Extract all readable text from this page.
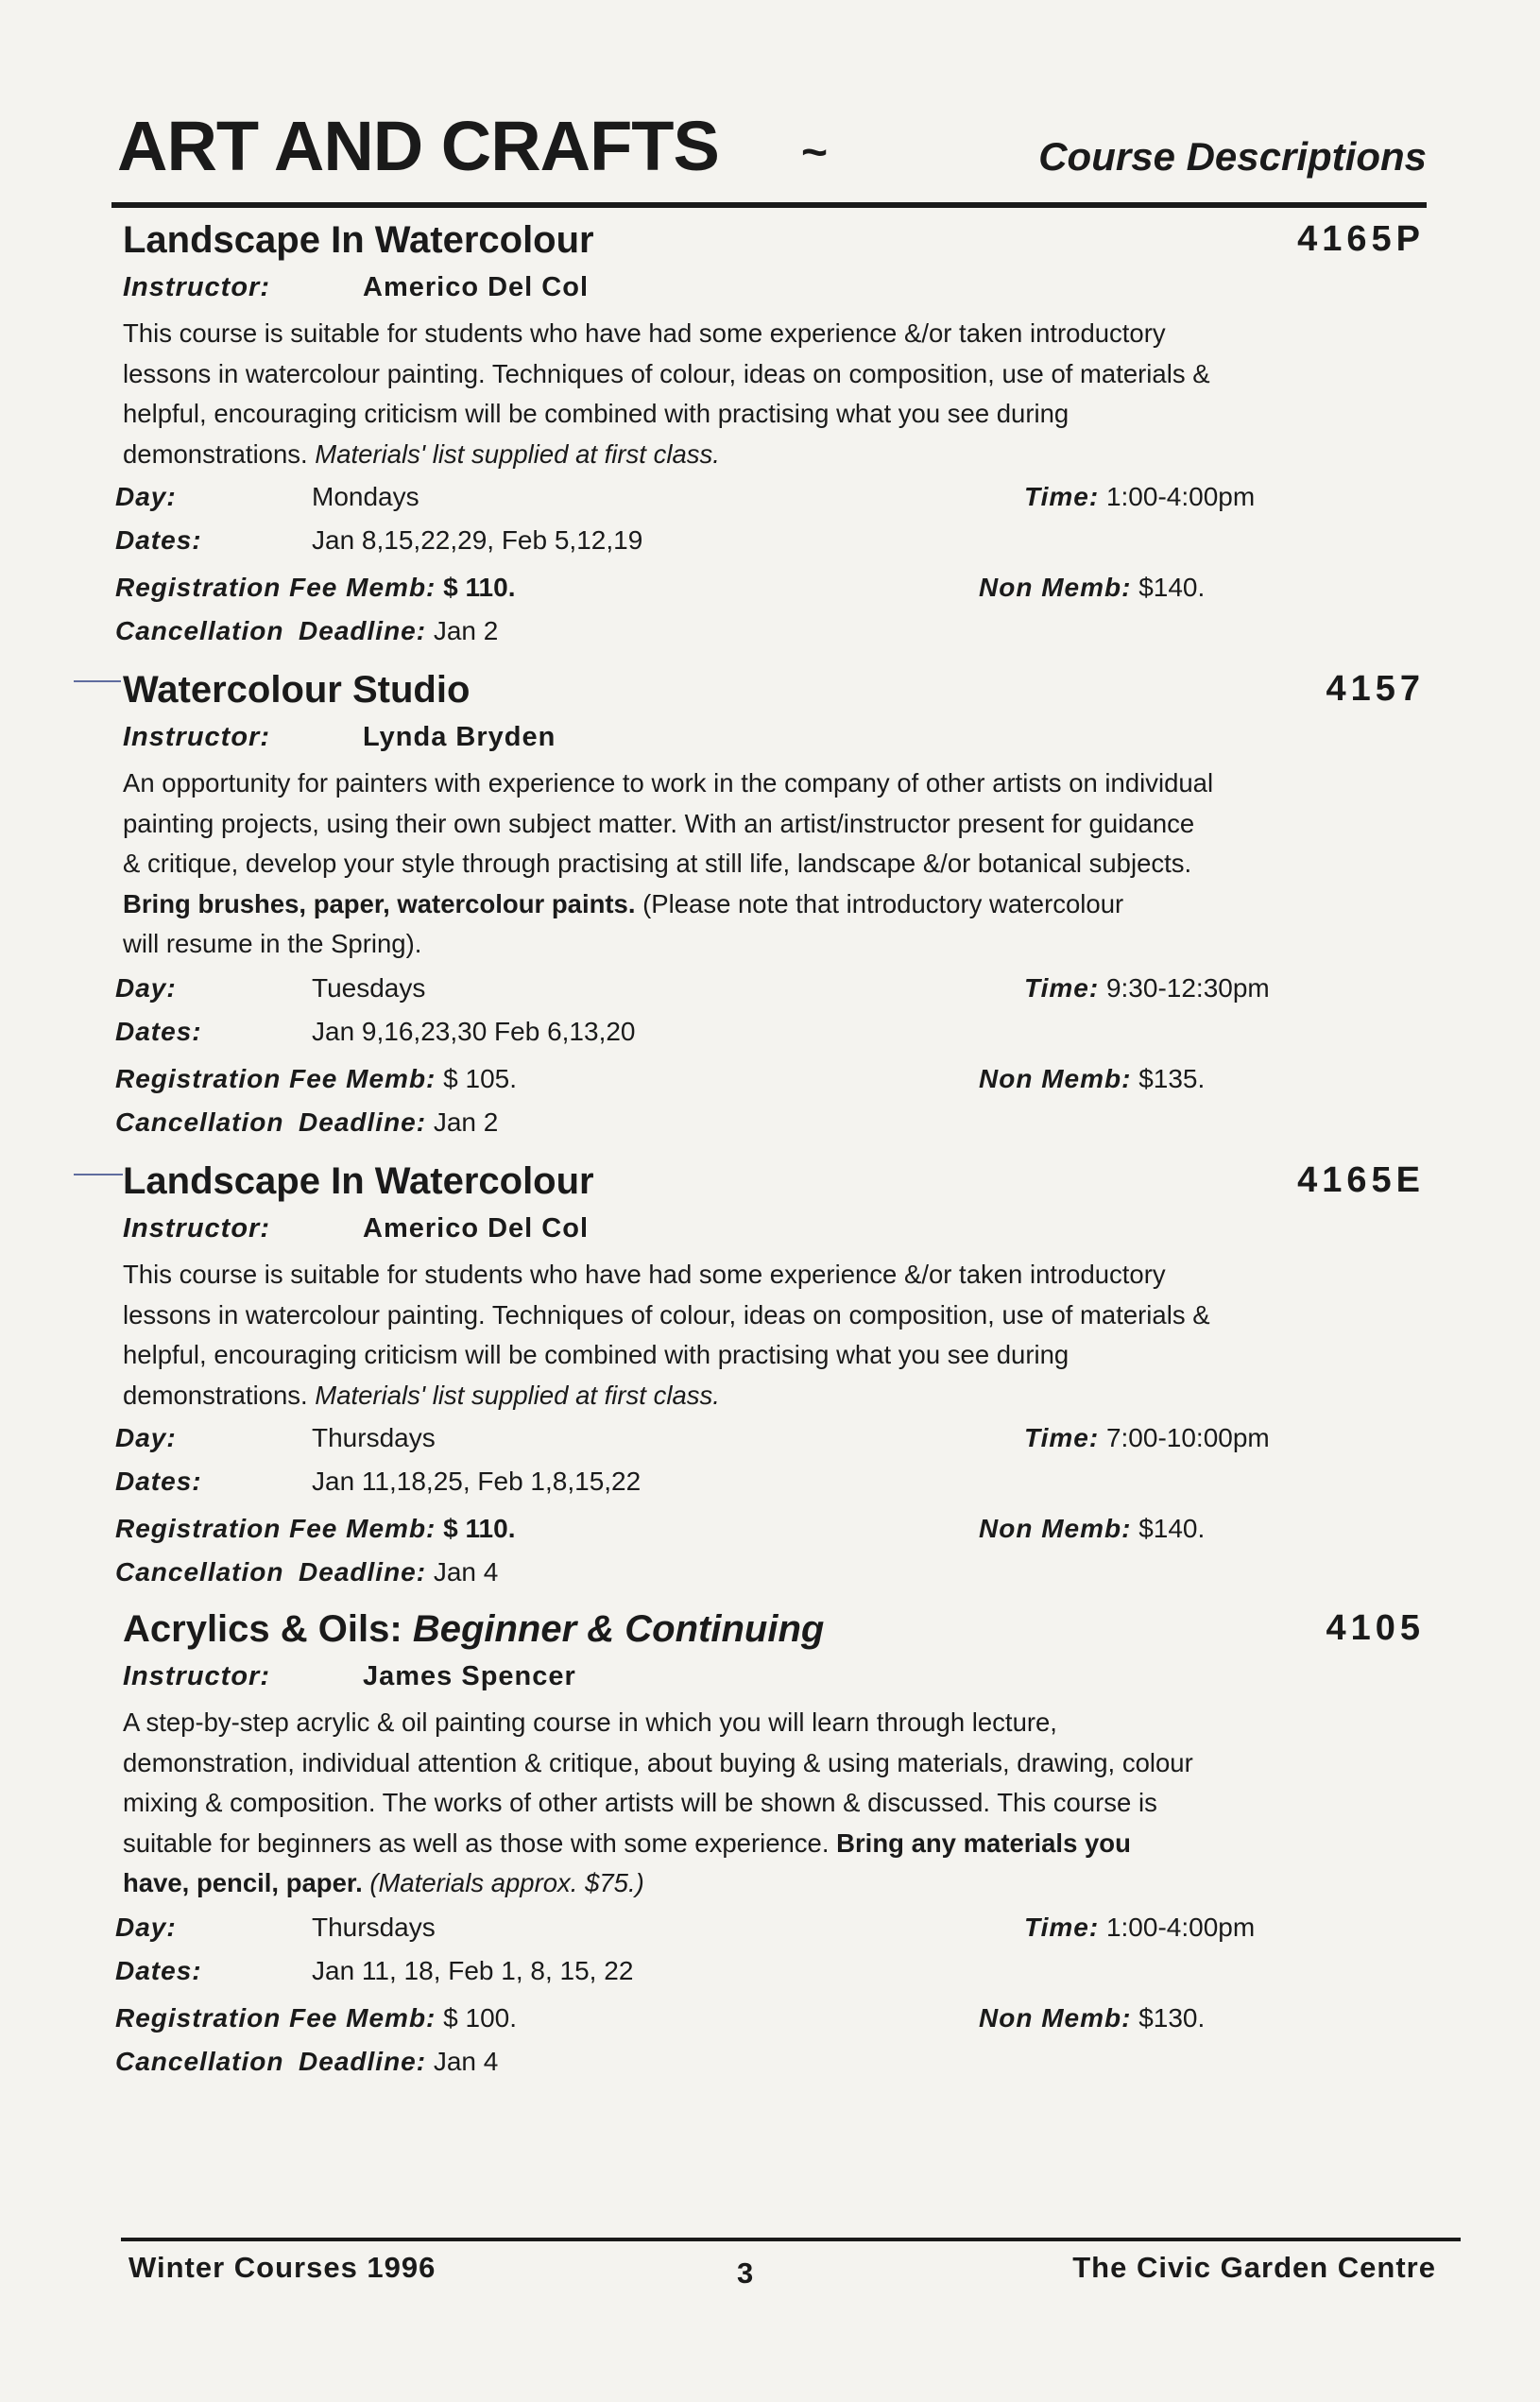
ART AND CRAFTS ~	Course Descriptions
Landscape In Watercolour	4165P
Instructor:	Americo Del Col
This course is suitable for students who have had some experience &/or taken introductory
lessons in watercolour painting. Techniques of colour, ideas on composition, use of materials &
helpful, encouraging criticism will be combined with practising what you see during
demonstrations. Materials' list supplied at first class.
Day:	Mondays	Time: 1:00-4:00pm
Dates:	Jan 8,15,22,29, Feb 5,12,19
Registration Fee Memb: $ 110.	Non Memb: $140.
Cancellation Deadline: Jan 2
Watercolour Studio	4157
Instructor:	Lynda Bryden
An opportunity for painters with experience to work in the company of other artists on individual
painting projects, using their own subject matter. With an artist/instructor present for guidance
& critique, develop your style through practising at still life, landscape &/or botanical subjects.
Bring brushes, paper, watercolour paints. (Please note that introductory watercolour
will resume in the Spring).
Day:	Tuesdays	Time: 9:30-12:30pm
Dates:	Jan 9,16,23,30 Feb 6,13,20
Registration Fee Memb: $ 105.	Non Memb: $135.
Cancellation Deadline: Jan 2
Landscape In Watercolour	4165E
Instructor:	Americo Del Col
This course is suitable for students who have had some experience &/or taken introductory
lessons in watercolour painting. Techniques of colour, ideas on composition, use of materials &
helpful, encouraging criticism will be combined with practising what you see during
demonstrations. Materials' list supplied at first class.
Day:	Thursdays	Time: 7:00-10:00pm
Dates:	Jan 11,18,25, Feb 1,8,15,22
Registration Fee Memb: $ 110.	Non Memb: $140.
Cancellation Deadline: Jan 4
Acrylics & Oils: Beginner & Continuing	4105
Instructor:	James Spencer
A step-by-step acrylic & oil painting course in which you will learn through lecture,
demonstration, individual attention & critique, about buying & using materials, drawing, colour
mixing & composition. The works of other artists will be shown & discussed. This course is
suitable for beginners as well as those with some experience. Bring any materials you
have, pencil, paper. (Materials approx. $75.)
Day:	Thursdays	Time: 1:00-4:00pm
Dates:	Jan 11, 18, Feb 1, 8, 15, 22
Registration Fee Memb: $ 100.	Non Memb: $130.
Cancellation Deadline: Jan 4
Winter Courses 1996	3	The Civic Garden Centre
